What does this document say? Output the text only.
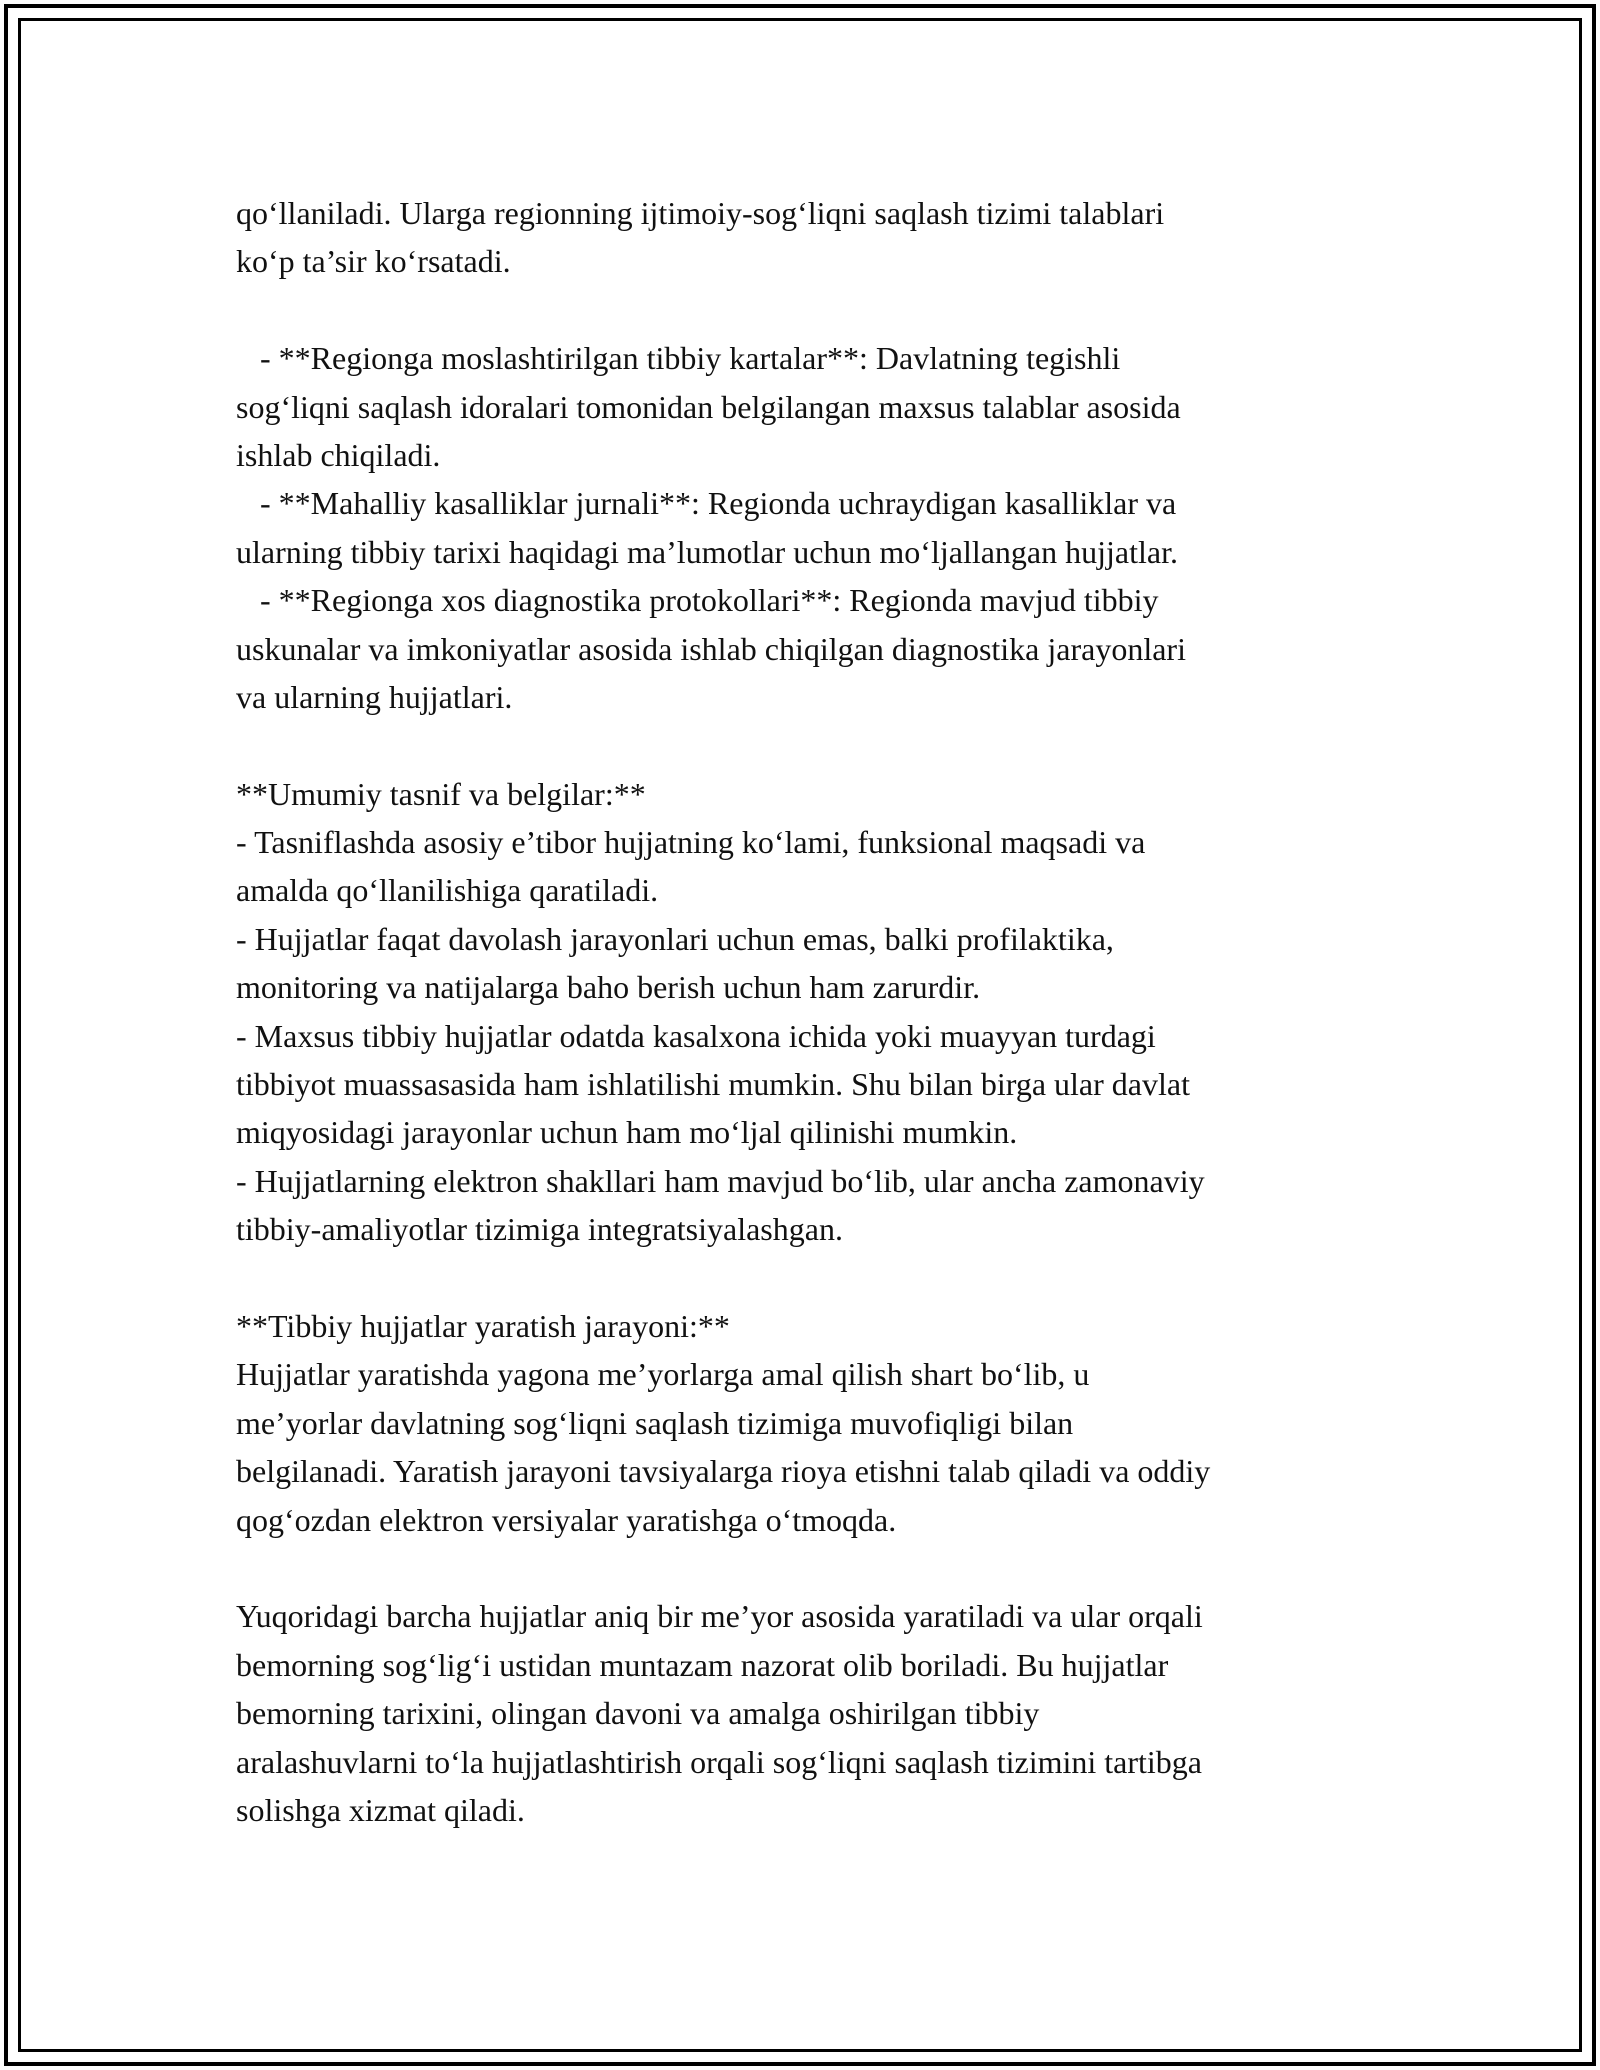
qo‘llaniladi. Ularga regionning ijtimoiy-sog‘liqni saqlash tizimi talablari
ko‘p ta’sir ko‘rsatadi.
- **Regionga moslashtirilgan tibbiy kartalar**: Davlatning tegishli
sog‘liqni saqlash idoralari tomonidan belgilangan maxsus talablar asosida
ishlab chiqiladi.
- **Mahalliy kasalliklar jurnali**: Regionda uchraydigan kasalliklar va
ularning tibbiy tarixi haqidagi ma’lumotlar uchun mo‘ljallangan hujjatlar.
- **Regionga xos diagnostika protokollari**: Regionda mavjud tibbiy
uskunalar va imkoniyatlar asosida ishlab chiqilgan diagnostika jarayonlari
va ularning hujjatlari.
**Umumiy tasnif va belgilar:**
- Tasniflashda asosiy e’tibor hujjatning ko‘lami, funksional maqsadi va
amalda qo‘llanilishiga qaratiladi.
- Hujjatlar faqat davolash jarayonlari uchun emas, balki profilaktika,
monitoring va natijalarga baho berish uchun ham zarurdir.
- Maxsus tibbiy hujjatlar odatda kasalxona ichida yoki muayyan turdagi
tibbiyot muassasasida ham ishlatilishi mumkin. Shu bilan birga ular davlat
miqyosidagi jarayonlar uchun ham mo‘ljal qilinishi mumkin.
- Hujjatlarning elektron shakllari ham mavjud bo‘lib, ular ancha zamonaviy
tibbiy-amaliyotlar tizimiga integratsiyalashgan.
**Tibbiy hujjatlar yaratish jarayoni:**
Hujjatlar yaratishda yagona me’yorlarga amal qilish shart bo‘lib, u
me’yorlar davlatning sog‘liqni saqlash tizimiga muvofiqligi bilan
belgilanadi. Yaratish jarayoni tavsiyalarga rioya etishni talab qiladi va oddiy
qog‘ozdan elektron versiyalar yaratishga o‘tmoqda.
Yuqoridagi barcha hujjatlar aniq bir me’yor asosida yaratiladi va ular orqali
bemorning sog‘lig‘i ustidan muntazam nazorat olib boriladi. Bu hujjatlar
bemorning tarixini, olingan davoni va amalga oshirilgan tibbiy
aralashuvlarni to‘la hujjatlashtirish orqali sog‘liqni saqlash tizimini tartibga
solishga xizmat qiladi.
